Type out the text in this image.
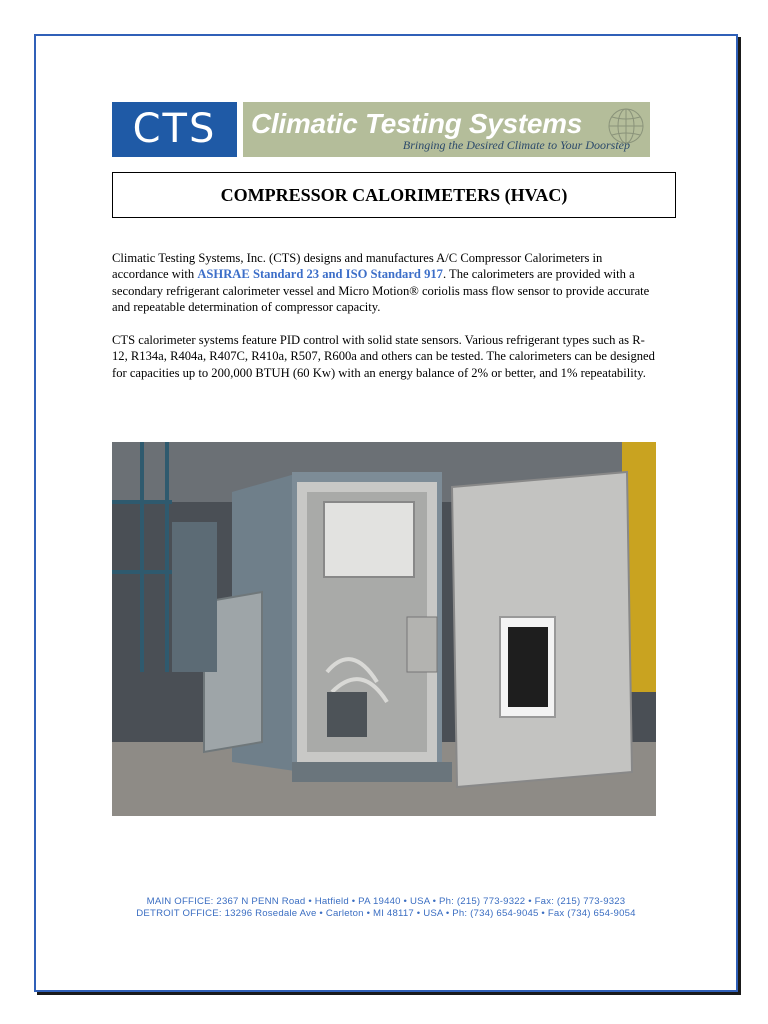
CTS	Climatic Testing Systems
Bringing the Desired Climate to Your Doorstep
COMPRESSOR CALORIMETERS (HVAC)

Climatic Testing Systems, Inc. (CTS) designs and manufactures A/C Compressor Calorimeters in accordance with ASHRAE Standard 23 and ISO Standard 917. The calorimeters are provided with a secondary refrigerant calorimeter vessel and Micro Motion® coriolis mass flow sensor to provide accurate and repeatable determination of compressor capacity.

CTS calorimeter systems feature PID control with solid state sensors. Various refrigerant types such as R-12, R134a, R404a, R407C, R410a, R507, R600a and others can be tested. The calorimeters can be designed for capacities up to 200,000 BTUH (60 Kw) with an energy balance of 2% or better, and 1% repeatability.

MAIN OFFICE: 2367 N PENN Road • Hatfield • PA 19440 • USA • Ph: (215) 773-9322 • Fax: (215) 773-9323
DETROIT OFFICE: 13296 Rosedale Ave • Carleton • MI 48117 • USA • Ph: (734) 654-9045 • Fax (734) 654-9054
